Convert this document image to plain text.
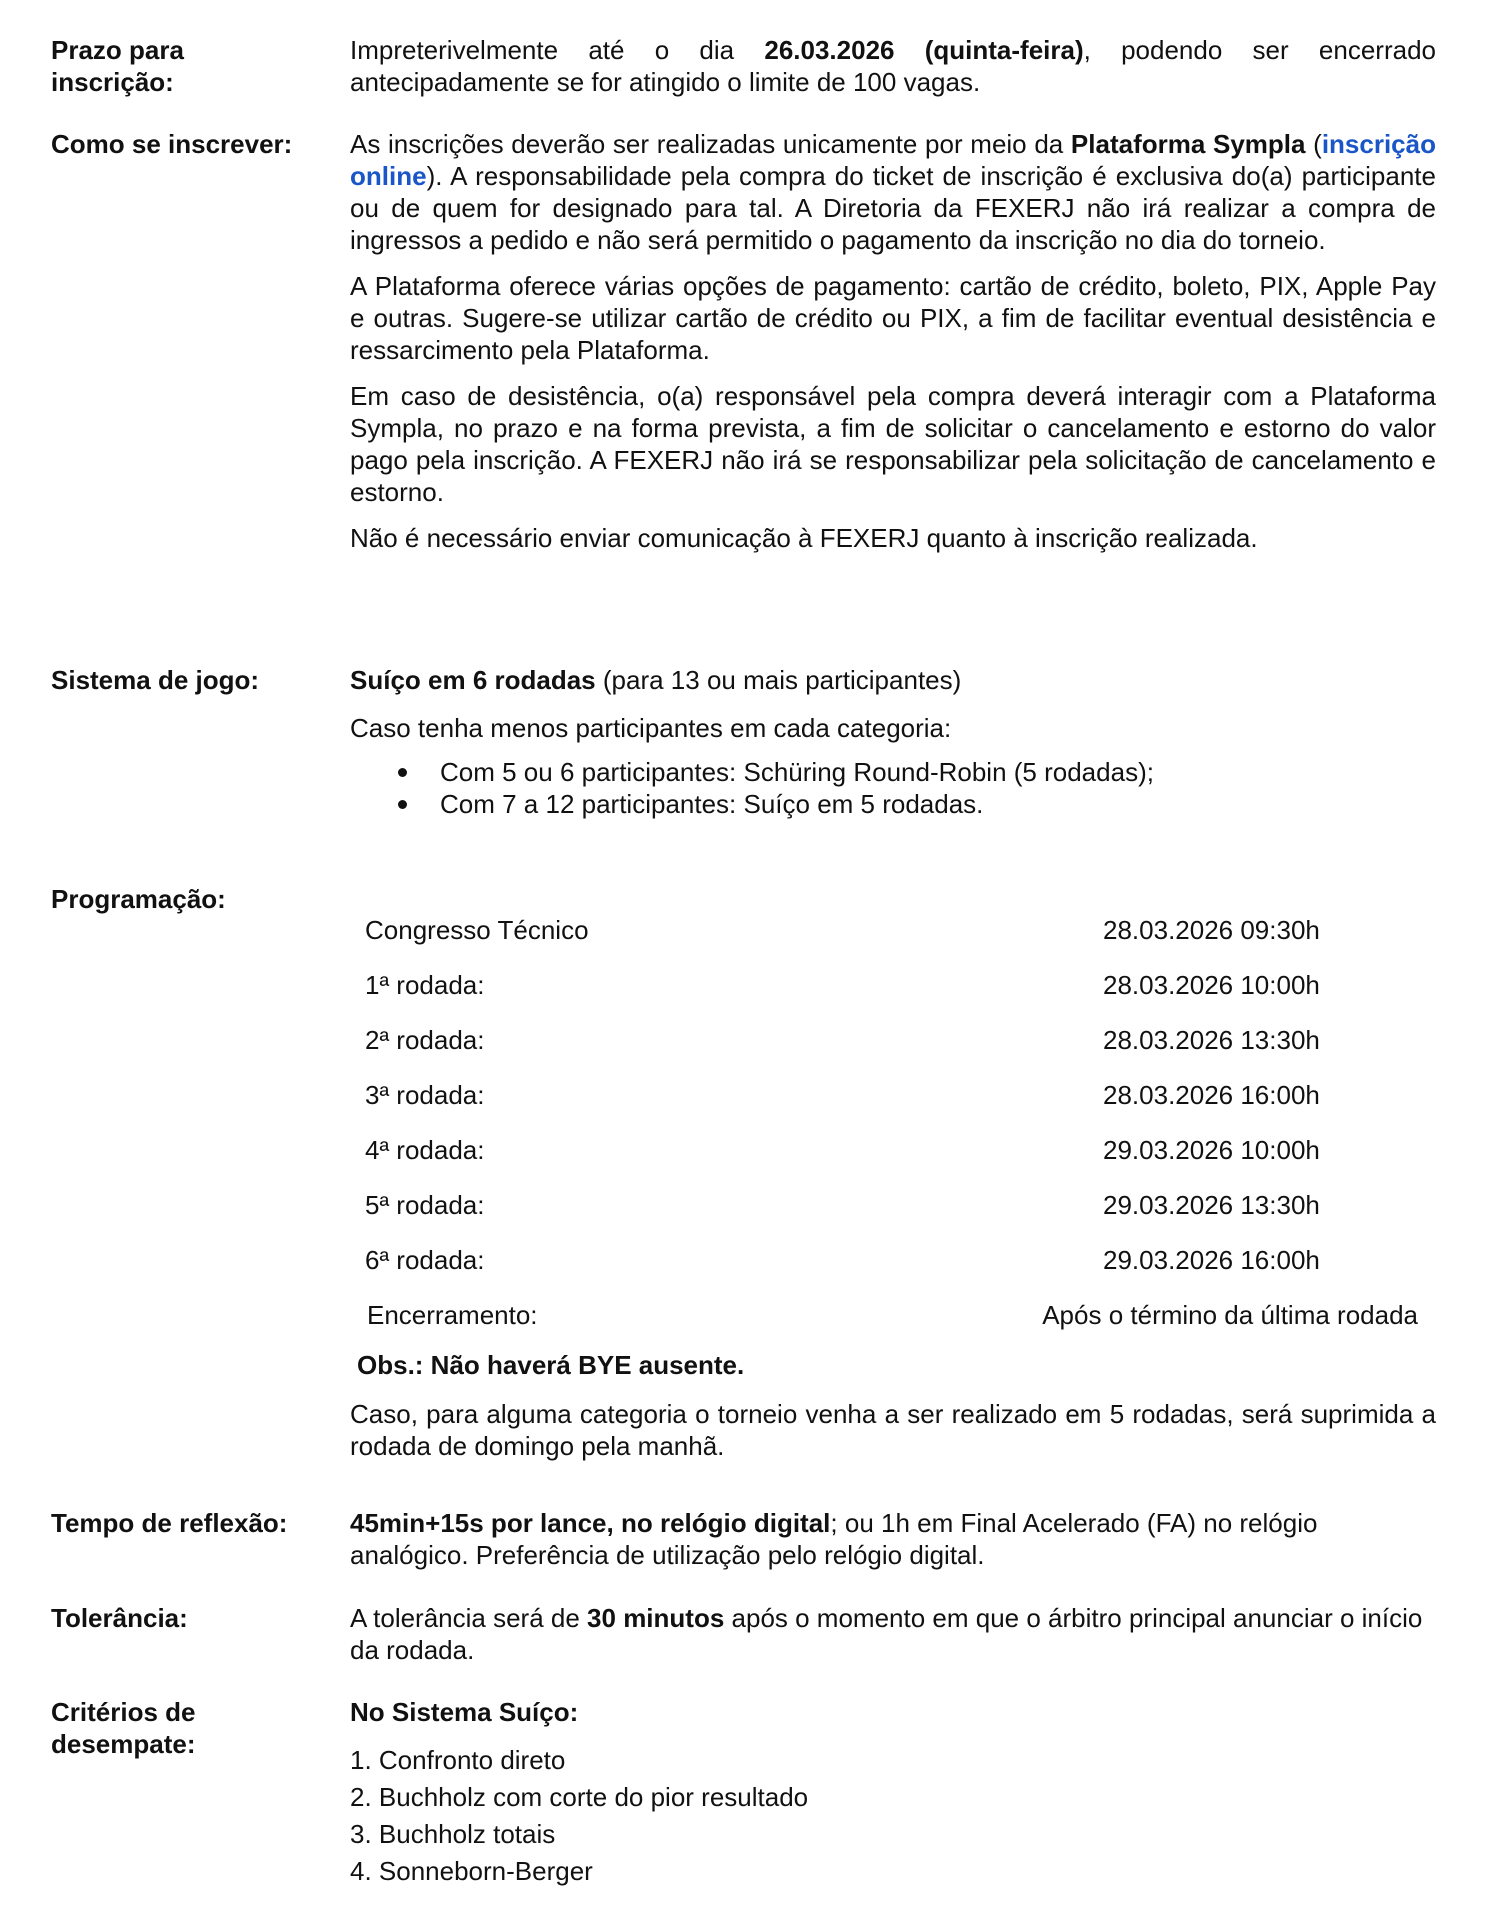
Prazo para
inscrição:
Impreterivelmente até o dia 26.03.2026 (quinta-feira), podendo ser encerrado antecipadamente se for atingido o limite de 100 vagas.
Como se inscrever:	As inscrições deverão ser realizadas unicamente por meio da Plataforma Sympla (inscrição online). A responsabilidade pela compra do ticket de inscrição é exclusiva do(a) participante ou de quem for designado para tal. A Diretoria da FEXERJ não irá realizar a compra de ingressos a pedido e não será permitido o pagamento da inscrição no dia do torneio.

A Plataforma oferece várias opções de pagamento: cartão de crédito, boleto, PIX, Apple Pay e outras. Sugere-se utilizar cartão de crédito ou PIX, a fim de facilitar eventual desistência e ressarcimento pela Plataforma.

Em caso de desistência, o(a) responsável pela compra deverá interagir com a Plataforma Sympla, no prazo e na forma prevista, a fim de solicitar o cancelamento e estorno do valor pago pela inscrição. A FEXERJ não irá se responsabilizar pela solicitação de cancelamento e estorno.

Não é necessário enviar comunicação à FEXERJ quanto à inscrição realizada.

Sistema de jogo:	Suíço em 6 rodadas (para 13 ou mais participantes)

Caso tenha menos participantes em cada categoria:

Com 5 ou 6 participantes: Schüring Round-Robin (5 rodadas);
Com 7 a 12 participantes: Suíço em 5 rodadas.
Programação:
Congresso Técnico	28.03.2026 09:30h
1ª rodada:	28.03.2026 10:00h
2ª rodada:	28.03.2026 13:30h
3ª rodada:	28.03.2026 16:00h
4ª rodada:	29.03.2026 10:00h
5ª rodada:	29.03.2026 13:30h
6ª rodada:	29.03.2026 16:00h
Encerramento:	Após o término da última rodada
Obs.: Não haverá BYE ausente.
Caso, para alguma categoria o torneio venha a ser realizado em 5 rodadas, será suprimida a rodada de domingo pela manhã.
Tempo de reflexão:	45min+15s por lance, no relógio digital; ou 1h em Final Acelerado (FA) no relógio analógico. Preferência de utilização pelo relógio digital.
Tolerância:	A tolerância será de 30 minutos após o momento em que o árbitro principal anunciar o início da rodada.
Critérios de
desempate:
No Sistema Suíço:
1. Confronto direto
2. Buchholz com corte do pior resultado
3. Buchholz totais
4. Sonneborn-Berger
